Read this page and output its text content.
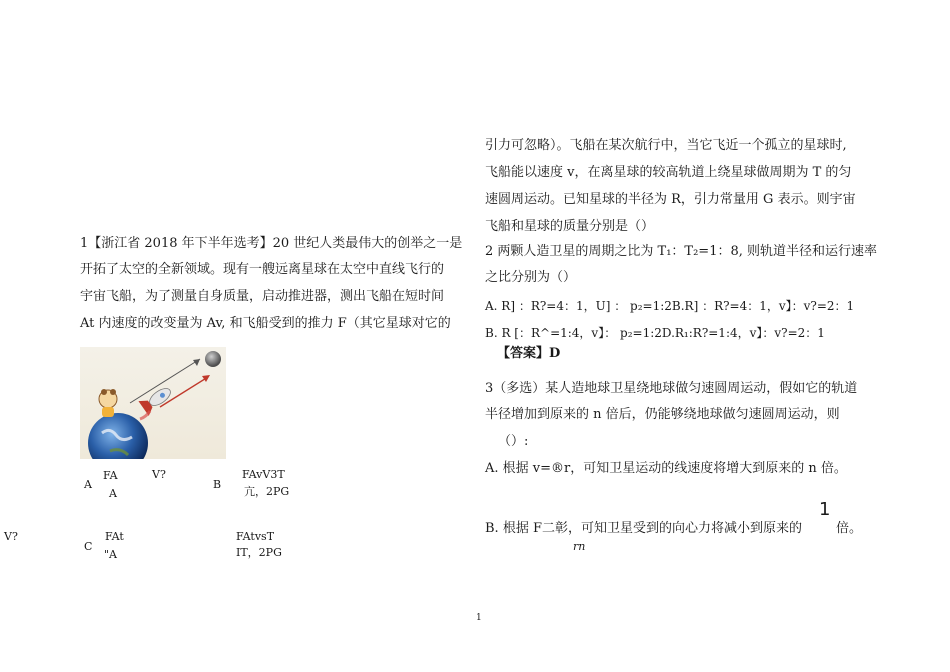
1【浙江省 2018 年下半年选考】20 世纪人类最伟大的创举之一是
开拓了太空的全新领域。现有一艘远离星球在太空中直线飞行的
宇宙飞船，为了测量自身质量，启动推进器，测出飞船在短时间
At 内速度的改变量为 Av, 和飞船受到的推力 F（其它星球对它的
A
FA	V?
A
B
FAvV3T
亢，2PG
V?
C
FAt
"A
FAtvsT
IT，2PG
引力可忽略）。飞船在某次航行中，当它飞近一个孤立的星球时,
飞船能以速度 v，在离星球的较高轨道上绕星球做周期为 T 的匀
速圆周运动。已知星球的半径为 R，引力常量用 G 表示。则宇宙
飞船和星球的质量分别是（）
2 两颗人造卫星的周期之比为 T₁：T₂=1：8, 则轨道半径和运行速率
之比分别为（）
A. R] ：R?=4：1，U] ： p₂=1:2B.R] ：R?=4：1，v】：v?=2：1
B. R [：R^=1:4，v】： p₂=1:2D.R₁:R?=1:4，v】：v?=2：1
【答案】D
3（多选）某人造地球卫星绕地球做匀速圆周运动，假如它的轨道
半径增加到原来的 n 倍后，仍能够绕地球做匀速圆周运动，则
（）:
A. 根据 v=®r，可知卫星运动的线速度将增大到原来的 n 倍。
B. 根据 F二彰，可知卫星受到的向心力将减小到原来的
1
倍。
rn
1
